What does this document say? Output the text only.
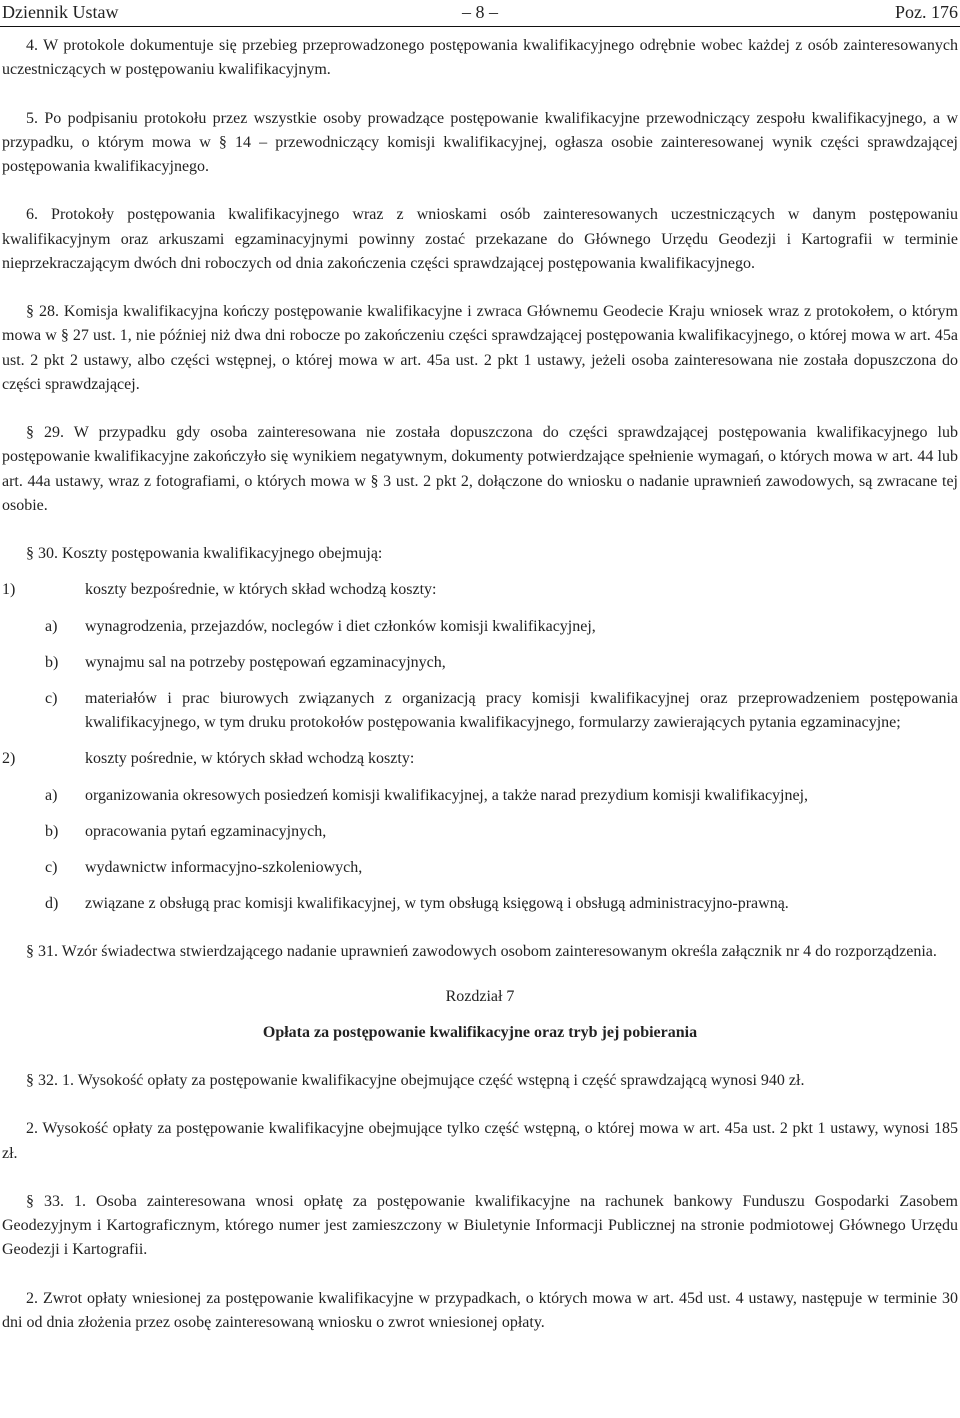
Dziennik Ustaw	– 8 –	Poz. 176

4. W protokole dokumentuje się przebieg przeprowadzonego postępowania kwalifikacyjnego odrębnie wobec każdej z osób zainteresowanych uczestniczących w postępowaniu kwalifikacyjnym.

5. Po podpisaniu protokołu przez wszystkie osoby prowadzące postępowanie kwalifikacyjne przewodniczący zespołu kwalifikacyjnego, a w przypadku, o którym mowa w § 14 – przewodniczący komisji kwalifikacyjnej, ogłasza osobie zainteresowanej wynik części sprawdzającej postępowania kwalifikacyjnego.

6. Protokoły postępowania kwalifikacyjnego wraz z wnioskami osób zainteresowanych uczestniczących w danym postępowaniu kwalifikacyjnym oraz arkuszami egzaminacyjnymi powinny zostać przekazane do Głównego Urzędu Geodezji i Kartografii w terminie nieprzekraczającym dwóch dni roboczych od dnia zakończenia części sprawdzającej postępowania kwalifikacyjnego.

§ 28. Komisja kwalifikacyjna kończy postępowanie kwalifikacyjne i zwraca Głównemu Geodecie Kraju wniosek wraz z protokołem, o którym mowa w § 27 ust. 1, nie później niż dwa dni robocze po zakończeniu części sprawdzającej postępowania kwalifikacyjnego, o której mowa w art. 45a ust. 2 pkt 2 ustawy, albo części wstępnej, o której mowa w art. 45a ust. 2 pkt 1 ustawy, jeżeli osoba zainteresowana nie została dopuszczona do części sprawdzającej.

§ 29. W przypadku gdy osoba zainteresowana nie została dopuszczona do części sprawdzającej postępowania kwalifikacyjnego lub postępowanie kwalifikacyjne zakończyło się wynikiem negatywnym, dokumenty potwierdzające spełnienie wymagań, o których mowa w art. 44 lub art. 44a ustawy, wraz z fotografiami, o których mowa w § 3 ust. 2 pkt 2, dołączone do wniosku o nadanie uprawnień zawodowych, są zwracane tej osobie.

§ 30. Koszty postępowania kwalifikacyjnego obejmują:

1)	koszty bezpośrednie, w których skład wchodzą koszty:
a) wynagrodzenia, przejazdów, noclegów i diet członków komisji kwalifikacyjnej,
b) wynajmu sal na potrzeby postępowań egzaminacyjnych,
c) materiałów i prac biurowych związanych z organizacją pracy komisji kwalifikacyjnej oraz przeprowadzeniem postępowania kwalifikacyjnego, w tym druku protokołów postępowania kwalifikacyjnego, formularzy zawierających pytania egzaminacyjne;
2)	koszty pośrednie, w których skład wchodzą koszty:
a) organizowania okresowych posiedzeń komisji kwalifikacyjnej, a także narad prezydium komisji kwalifikacyjnej,
b) opracowania pytań egzaminacyjnych,
c) wydawnictw informacyjno-szkoleniowych,
d) związane z obsługą prac komisji kwalifikacyjnej, w tym obsługą księgową i obsługą administracyjno-prawną.

§ 31. Wzór świadectwa stwierdzającego nadanie uprawnień zawodowych osobom zainteresowanym określa załącznik nr 4 do rozporządzenia.

Rozdział 7
Opłata za postępowanie kwalifikacyjne oraz tryb jej pobierania

§ 32. 1. Wysokość opłaty za postępowanie kwalifikacyjne obejmujące część wstępną i część sprawdzającą wynosi 940 zł.

2. Wysokość opłaty za postępowanie kwalifikacyjne obejmujące tylko część wstępną, o której mowa w art. 45a ust. 2 pkt 1 ustawy, wynosi 185 zł.

§ 33. 1. Osoba zainteresowana wnosi opłatę za postępowanie kwalifikacyjne na rachunek bankowy Funduszu Gospodarki Zasobem Geodezyjnym i Kartograficznym, którego numer jest zamieszczony w Biuletynie Informacji Publicznej na stronie podmiotowej Głównego Urzędu Geodezji i Kartografii.

2. Zwrot opłaty wniesionej za postępowanie kwalifikacyjne w przypadkach, o których mowa w art. 45d ust. 4 ustawy, następuje w terminie 30 dni od dnia złożenia przez osobę zainteresowaną wniosku o zwrot wniesionej opłaty.
